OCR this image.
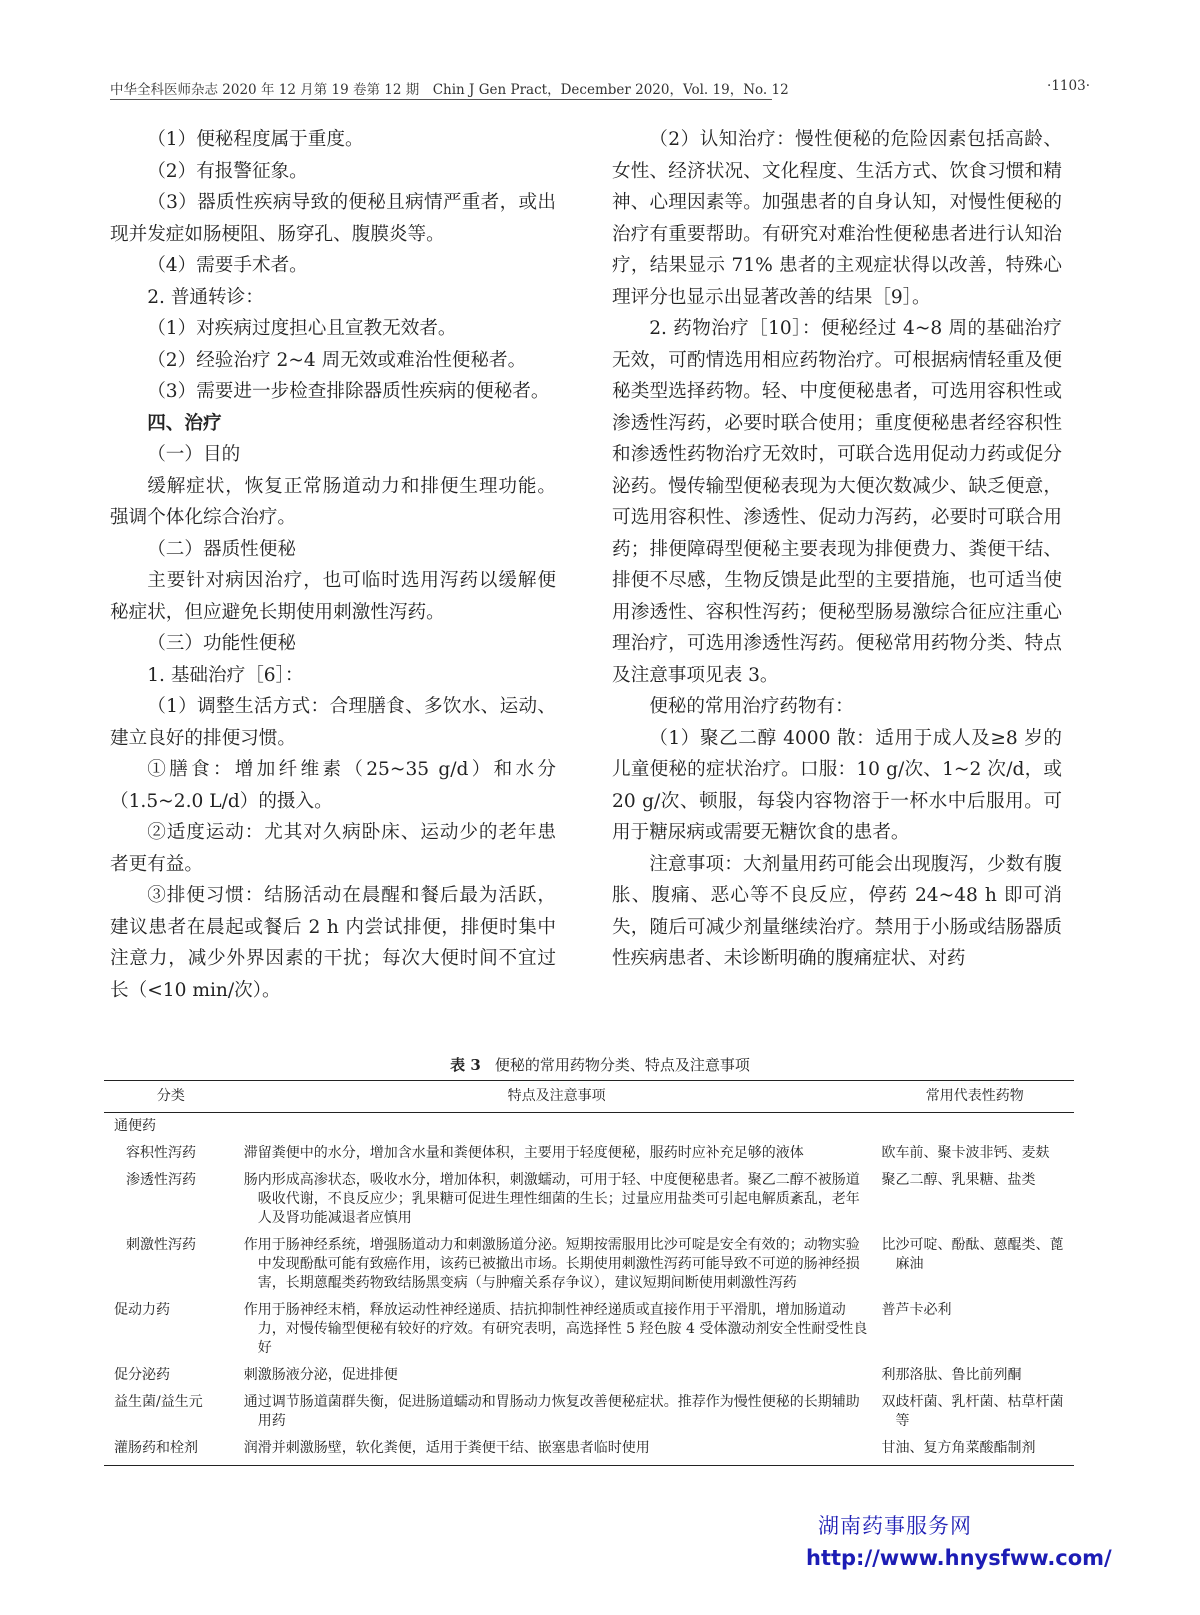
中华全科医师杂志 2020 年 12 月第 19 卷第 12 期　Chin J Gen Pract，December 2020，Vol. 19，No. 12	·1103·

（1）便秘程度属于重度。

（2）有报警征象。

（3）器质性疾病导致的便秘且病情严重者，或出现并发症如肠梗阻、肠穿孔、腹膜炎等。

（4）需要手术者。

2. 普通转诊：

（1）对疾病过度担心且宣教无效者。

（2）经验治疗 2~4 周无效或难治性便秘者。

（3）需要进一步检查排除器质性疾病的便秘者。

四、治疗

（一）目的

缓解症状，恢复正常肠道动力和排便生理功能。强调个体化综合治疗。

（二）器质性便秘

主要针对病因治疗，也可临时选用泻药以缓解便秘症状，但应避免长期使用刺激性泻药。

（三）功能性便秘

1. 基础治疗［6］：

（1）调整生活方式：合理膳食、多饮水、运动、建立良好的排便习惯。

①膳食：增加纤维素（25~35 g/d）和水分（1.5~2.0 L/d）的摄入。

②适度运动：尤其对久病卧床、运动少的老年患者更有益。

③排便习惯：结肠活动在晨醒和餐后最为活跃，建议患者在晨起或餐后 2 h 内尝试排便，排便时集中注意力，减少外界因素的干扰；每次大便时间不宜过长（<10 min/次）。

（2）认知治疗：慢性便秘的危险因素包括高龄、女性、经济状况、文化程度、生活方式、饮食习惯和精神、心理因素等。加强患者的自身认知，对慢性便秘的治疗有重要帮助。有研究对难治性便秘患者进行认知治疗，结果显示 71% 患者的主观症状得以改善，特殊心理评分也显示出显著改善的结果［9］。

2. 药物治疗［10］：便秘经过 4~8 周的基础治疗无效，可酌情选用相应药物治疗。可根据病情轻重及便秘类型选择药物。轻、中度便秘患者，可选用容积性或渗透性泻药，必要时联合使用；重度便秘患者经容积性和渗透性药物治疗无效时，可联合选用促动力药或促分泌药。慢传输型便秘表现为大便次数减少、缺乏便意，可选用容积性、渗透性、促动力泻药，必要时可联合用药；排便障碍型便秘主要表现为排便费力、粪便干结、排便不尽感，生物反馈是此型的主要措施，也可适当使用渗透性、容积性泻药；便秘型肠易激综合征应注重心理治疗，可选用渗透性泻药。便秘常用药物分类、特点及注意事项见表 3。

便秘的常用治疗药物有：

（1）聚乙二醇 4000 散：适用于成人及≥8 岁的儿童便秘的症状治疗。口服：10 g/次、1~2 次/d，或 20 g/次、顿服，每袋内容物溶于一杯水中后服用。可用于糖尿病或需要无糖饮食的患者。

注意事项：大剂量用药可能会出现腹泻，少数有腹胀、腹痛、恶心等不良反应，停药 24~48 h 即可消失，随后可减少剂量继续治疗。禁用于小肠或结肠器质性疾病患者、未诊断明确的腹痛症状、对药

表 3 便秘的常用药物分类、特点及注意事项
分类	特点及注意事项	常用代表性药物
通便药		
容积性泻药	滞留粪便中的水分，增加含水量和粪便体积，主要用于轻度便秘，服药时应补充足够的液体	欧车前、聚卡波非钙、麦麸

渗透性泻药	肠内形成高渗状态，吸收水分，增加体积，刺激蠕动，可用于轻、中度便秘患者。聚乙二醇不被肠道吸收代谢，不良反应少；乳果糖可促进生理性细菌的生长；过量应用盐类可引起电解质紊乱，老年人及肾功能减退者应慎用	聚乙二醇、乳果糖、盐类

刺激性泻药	作用于肠神经系统，增强肠道动力和刺激肠道分泌。短期按需服用比沙可啶是安全有效的；动物实验中发现酚酞可能有致癌作用，该药已被撤出市场。长期使用刺激性泻药可能导致不可逆的肠神经损害，长期蒽醌类药物致结肠黑变病（与肿瘤关系存争议），建议短期间断使用刺激性泻药	比沙可啶、酚酞、蒽醌类、蓖麻油

促动力药	作用于肠神经末梢，释放运动性神经递质、拮抗抑制性神经递质或直接作用于平滑肌，增加肠道动力，对慢传输型便秘有较好的疗效。有研究表明，高选择性 5 羟色胺 4 受体激动剂安全性耐受性良好	普芦卡必利

促分泌药	刺激肠液分泌，促进排便	利那洛肽、鲁比前列酮

益生菌/益生元	通过调节肠道菌群失衡，促进肠道蠕动和胃肠动力恢复改善便秘症状。推荐作为慢性便秘的长期辅助用药	双歧杆菌、乳杆菌、枯草杆菌等

灌肠药和栓剂	润滑并刺激肠壁，软化粪便，适用于粪便干结、嵌塞患者临时使用	甘油、复方角菜酸酯制剂
湖南药事服务网
http://www.hnysfww.com/
